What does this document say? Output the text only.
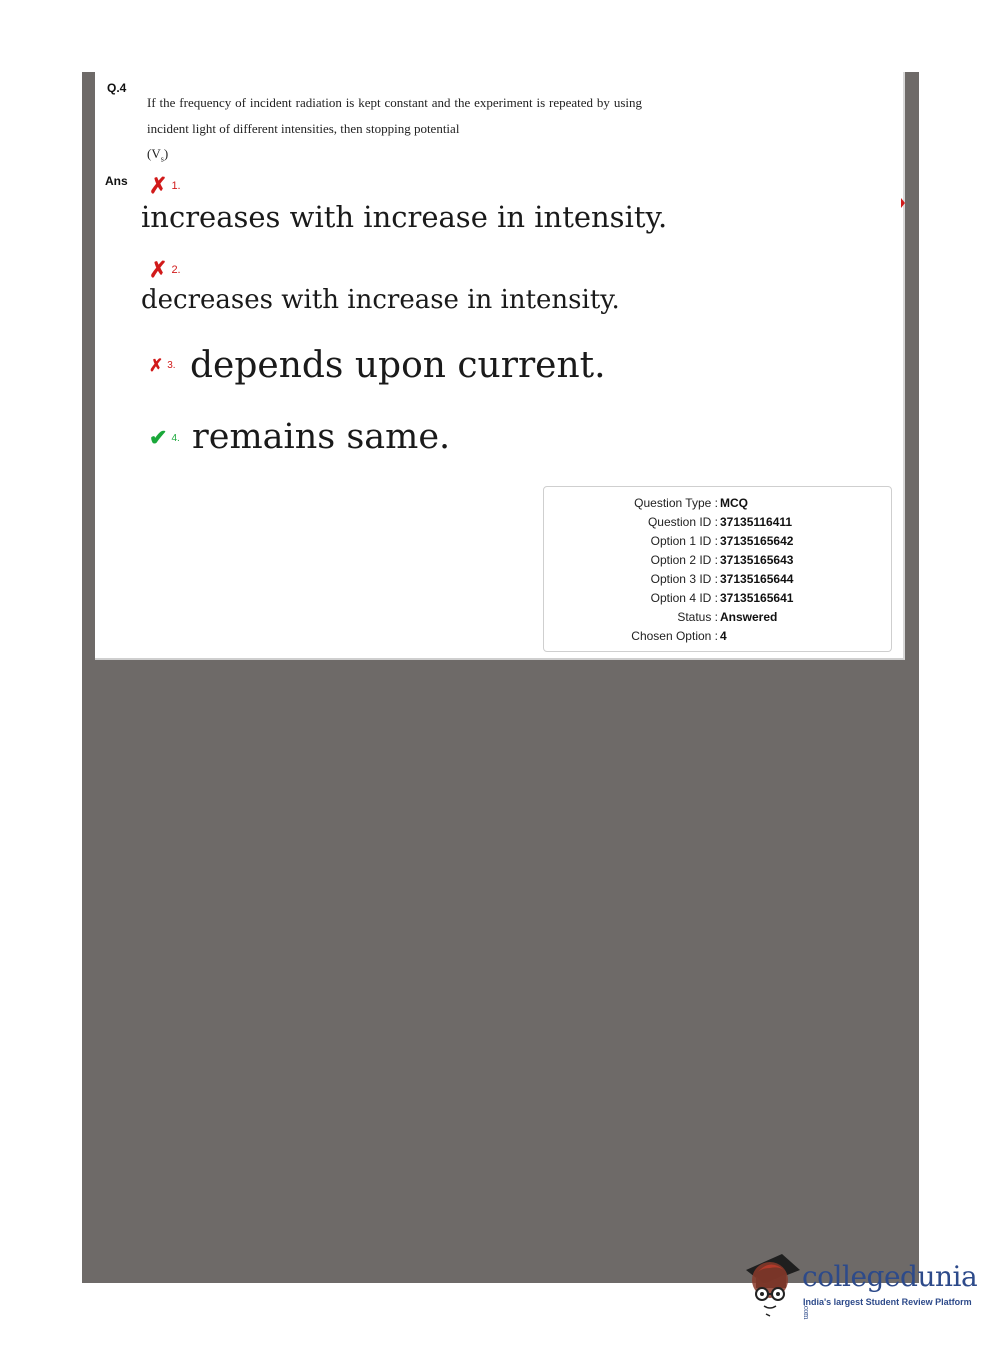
Q.4
If the frequency of incident radiation is kept constant and the experiment is repeated by using incident light of different intensities, then stopping potential
$(V_s)$
Ans ✗ 1.
increases with increase in intensity.
✗ 2.
decreases with increase in intensity.
✗ 3. depends upon current.
✔ 4. remains same.
Question Type : MCQ
Question ID : 37135116411
Option 1 ID : 37135165642
Option 2 ID : 37135165643
Option 3 ID : 37135165644
Option 4 ID : 37135165641
Status : Answered
Chosen Option : 4
collegedunia.com
India's largest Student Review Platform
